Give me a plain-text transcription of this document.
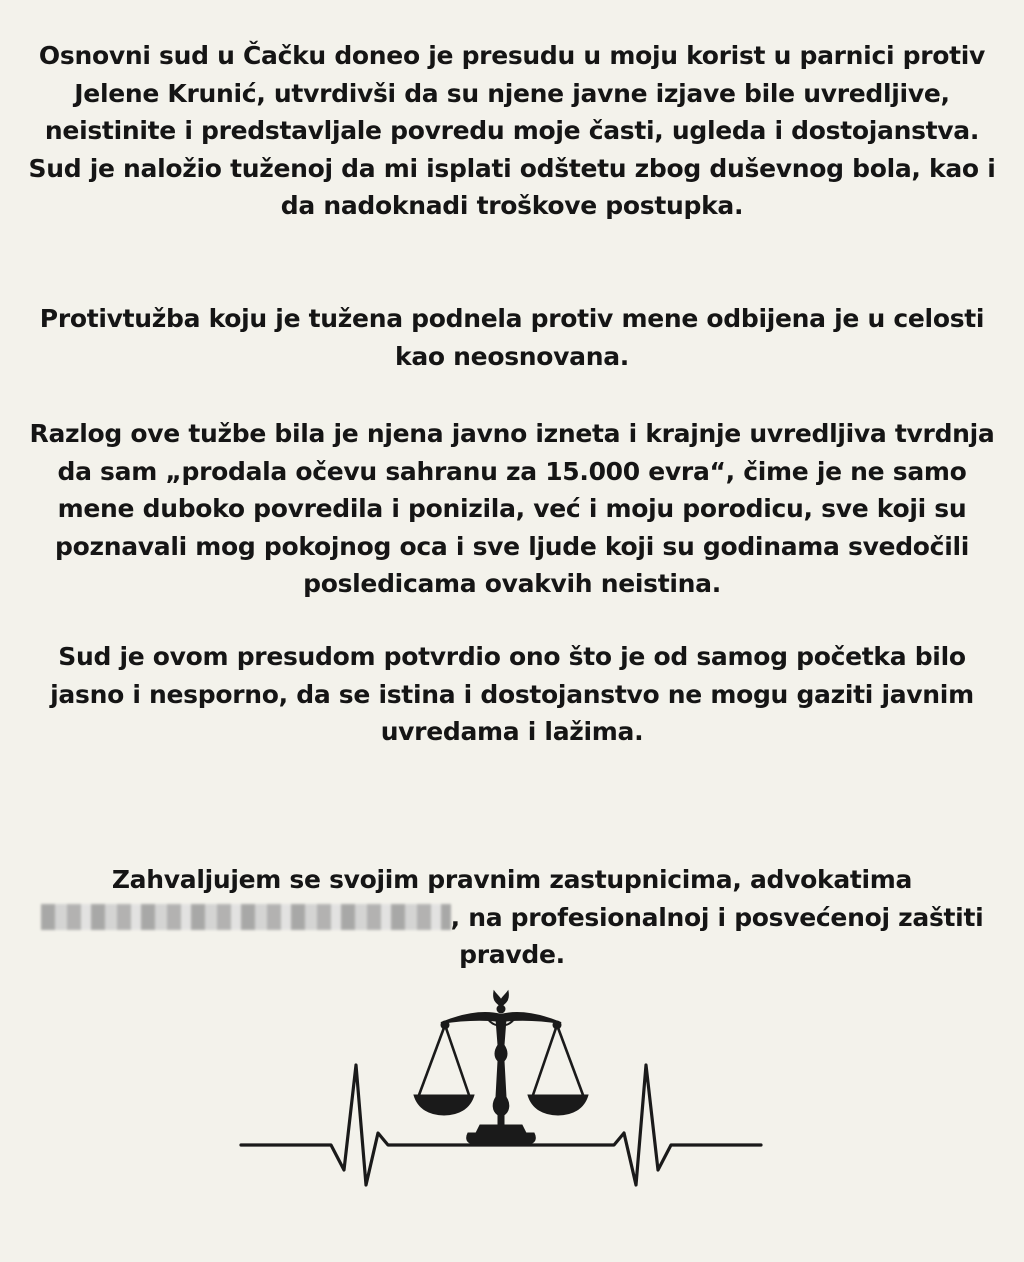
Osnovni sud u Čačku doneo je presudu u moju korist u parnici protiv Jelene Krunić, utvrdivši da su njene javne izjave bile uvredljive, neistinite i predstavljale povredu moje časti, ugleda i dostojanstva. Sud je naložio tuženoj da mi isplati odštetu zbog duševnog bola, kao i da nadoknadi troškove postupka.

Protivtužba koju je tužena podnela protiv mene odbijena je u celosti kao neosnovana.

Razlog ove tužbe bila je njena javno izneta i krajnje uvredljiva tvrdnja da sam „prodala očevu sahranu za 15.000 evra“, čime je ne samo mene duboko povredila i ponizila, već i moju porodicu, sve koji su poznavali mog pokojnog oca i sve ljude koji su godinama svedočili posledicama ovakvih neistina.

Sud je ovom presudom potvrdio ono što je od samog početka bilo jasno i nesporno, da se istina i dostojanstvo ne mogu gaziti javnim uvredama i lažima.

Zahvaljujem se svojim pravnim zastupnicima, advokatima
, na profesionalnoj i posvećenoj zaštiti pravde.
